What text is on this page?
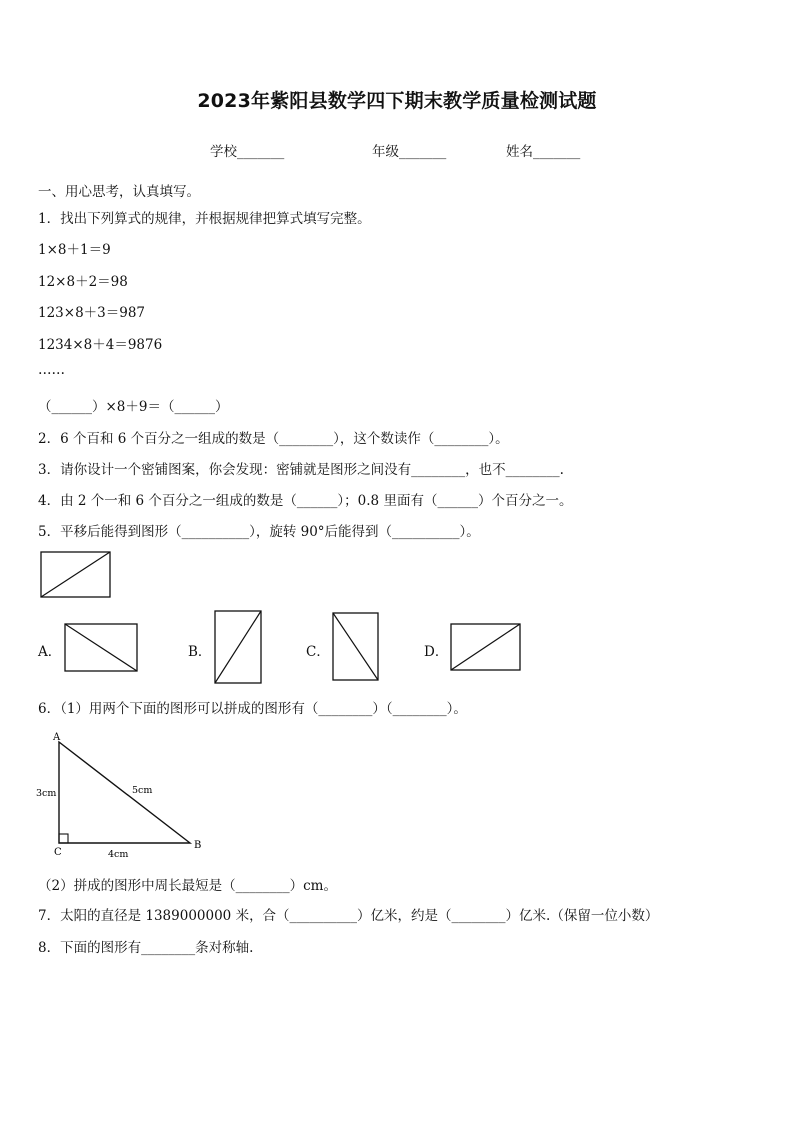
2023年紫阳县数学四下期末教学质量检测试题
学校_______	年级_______	姓名_______
一、用心思考，认真填写。
1．找出下列算式的规律，并根据规律把算式填写完整。
1×8＋1＝9
12×8＋2＝98
123×8＋3＝987
1234×8＋4＝9876
……
（______）×8＋9＝（______）
2．6 个百和 6 个百分之一组成的数是（________），这个数读作（________）。
3．请你设计一个密铺图案，你会发现：密铺就是图形之间没有________，也不________.
4．由 2 个一和 6 个百分之一组成的数是（______）；0.8 里面有（______）个百分之一。
5．平移后能得到图形（__________），旋转 90°后能得到（__________）。
A．	B．	C．	D．
6．（1）用两个下面的图形可以拼成的图形有（________）（________）。
A
B
C
3cm	5cm
4cm
（2）拼成的图形中周长最短是（________）cm。
7．太阳的直径是 1389000000 米，合（__________）亿米，约是（________）亿米.（保留一位小数）
8．下面的图形有________条对称轴.
